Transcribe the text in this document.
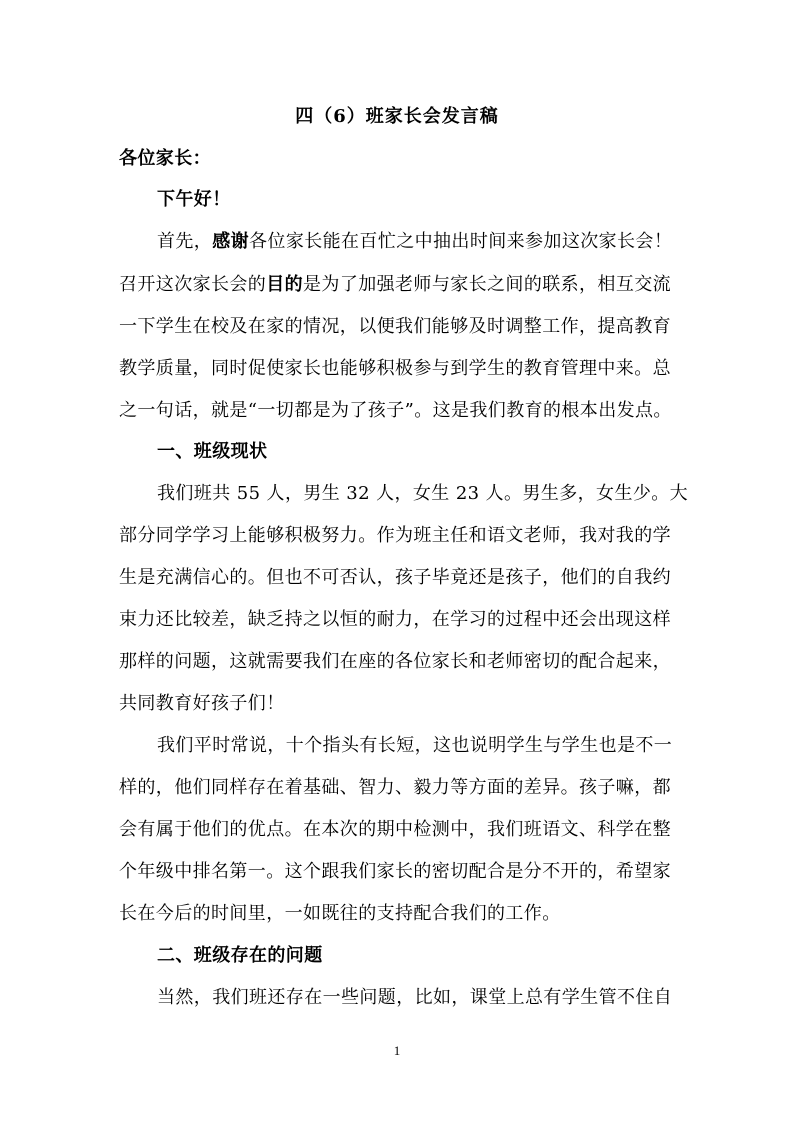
四（6）班家长会发言稿
各位家长：
下午好！
首先，感谢各位家长能在百忙之中抽出时间来参加这次家长会！
召开这次家长会的目的是为了加强老师与家长之间的联系，相互交流
一下学生在校及在家的情况，以便我们能够及时调整工作，提高教育
教学质量，同时促使家长也能够积极参与到学生的教育管理中来。总
之一句话，就是“一切都是为了孩子”。这是我们教育的根本出发点。
一、班级现状
我们班共 55 人，男生 32 人，女生 23 人。男生多，女生少。大
部分同学学习上能够积极努力。作为班主任和语文老师，我对我的学
生是充满信心的。但也不可否认，孩子毕竟还是孩子，他们的自我约
束力还比较差，缺乏持之以恒的耐力，在学习的过程中还会出现这样
那样的问题，这就需要我们在座的各位家长和老师密切的配合起来，
共同教育好孩子们！
我们平时常说，十个指头有长短，这也说明学生与学生也是不一
样的，他们同样存在着基础、智力、毅力等方面的差异。孩子嘛，都
会有属于他们的优点。在本次的期中检测中，我们班语文、科学在整
个年级中排名第一。这个跟我们家长的密切配合是分不开的，希望家
长在今后的时间里，一如既往的支持配合我们的工作。
二、班级存在的问题
当然，我们班还存在一些问题，比如，课堂上总有学生管不住自
1
